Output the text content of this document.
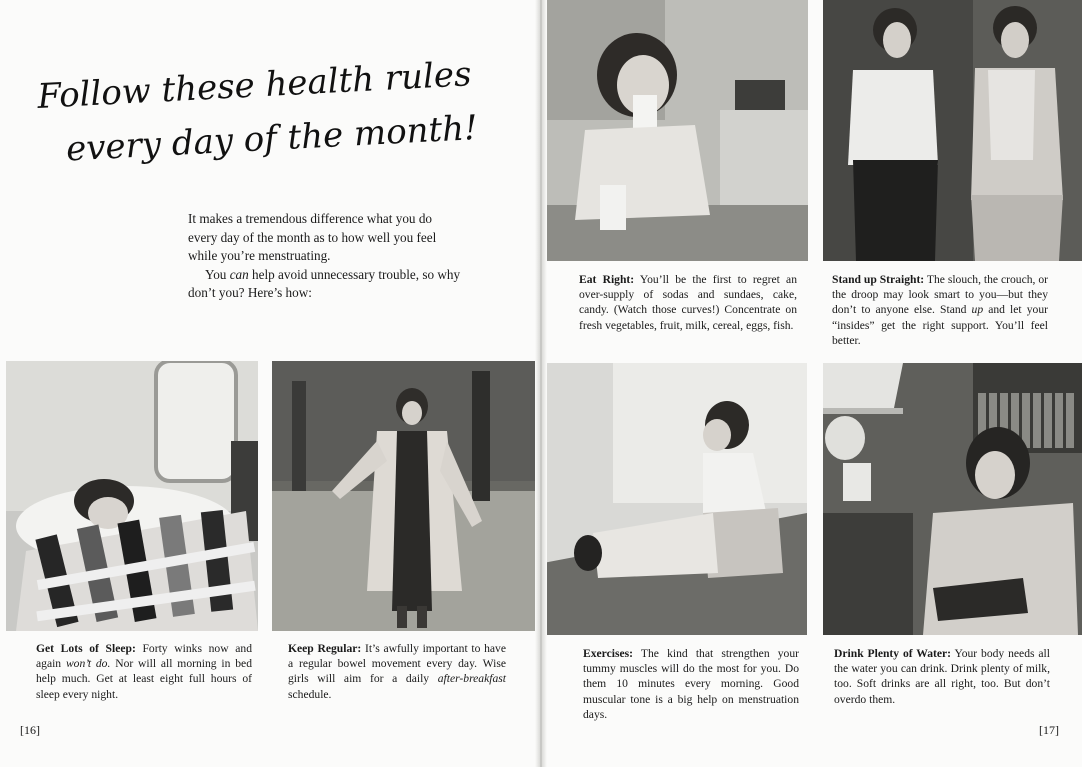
Follow these health rules
every day of the month!

It makes a tremendous difference what you do every day of the month as to how well you feel while you’re menstruating.

You can help avoid unnecessary trouble, so why don’t you? Here’s how:

Get Lots of Sleep: Forty winks now and again won’t do. Nor will all morning in bed help much. Get at least eight full hours of sleep every night.
Keep Regular: It’s awfully important to have a regular bowel movement every day. Wise girls will aim for a daily after-breakfast schedule.
[16]
Eat Right: You’ll be the first to regret an over-supply of sodas and sundaes, cake, candy. (Watch those curves!) Concentrate on fresh vegetables, fruit, milk, cereal, eggs, fish.
Stand up Straight: The slouch, the crouch, or the droop may look smart to you—but they don’t to anyone else. Stand up and let your “insides” get the right support. You’ll feel better.
Exercises: The kind that strengthen your tummy muscles will do the most for you. Do them 10 minutes every morning. Good muscular tone is a big help on menstruation days.
Drink Plenty of Water: Your body needs all the water you can drink. Drink plenty of milk, too. Soft drinks are all right, too. But don’t overdo them.
[17]
